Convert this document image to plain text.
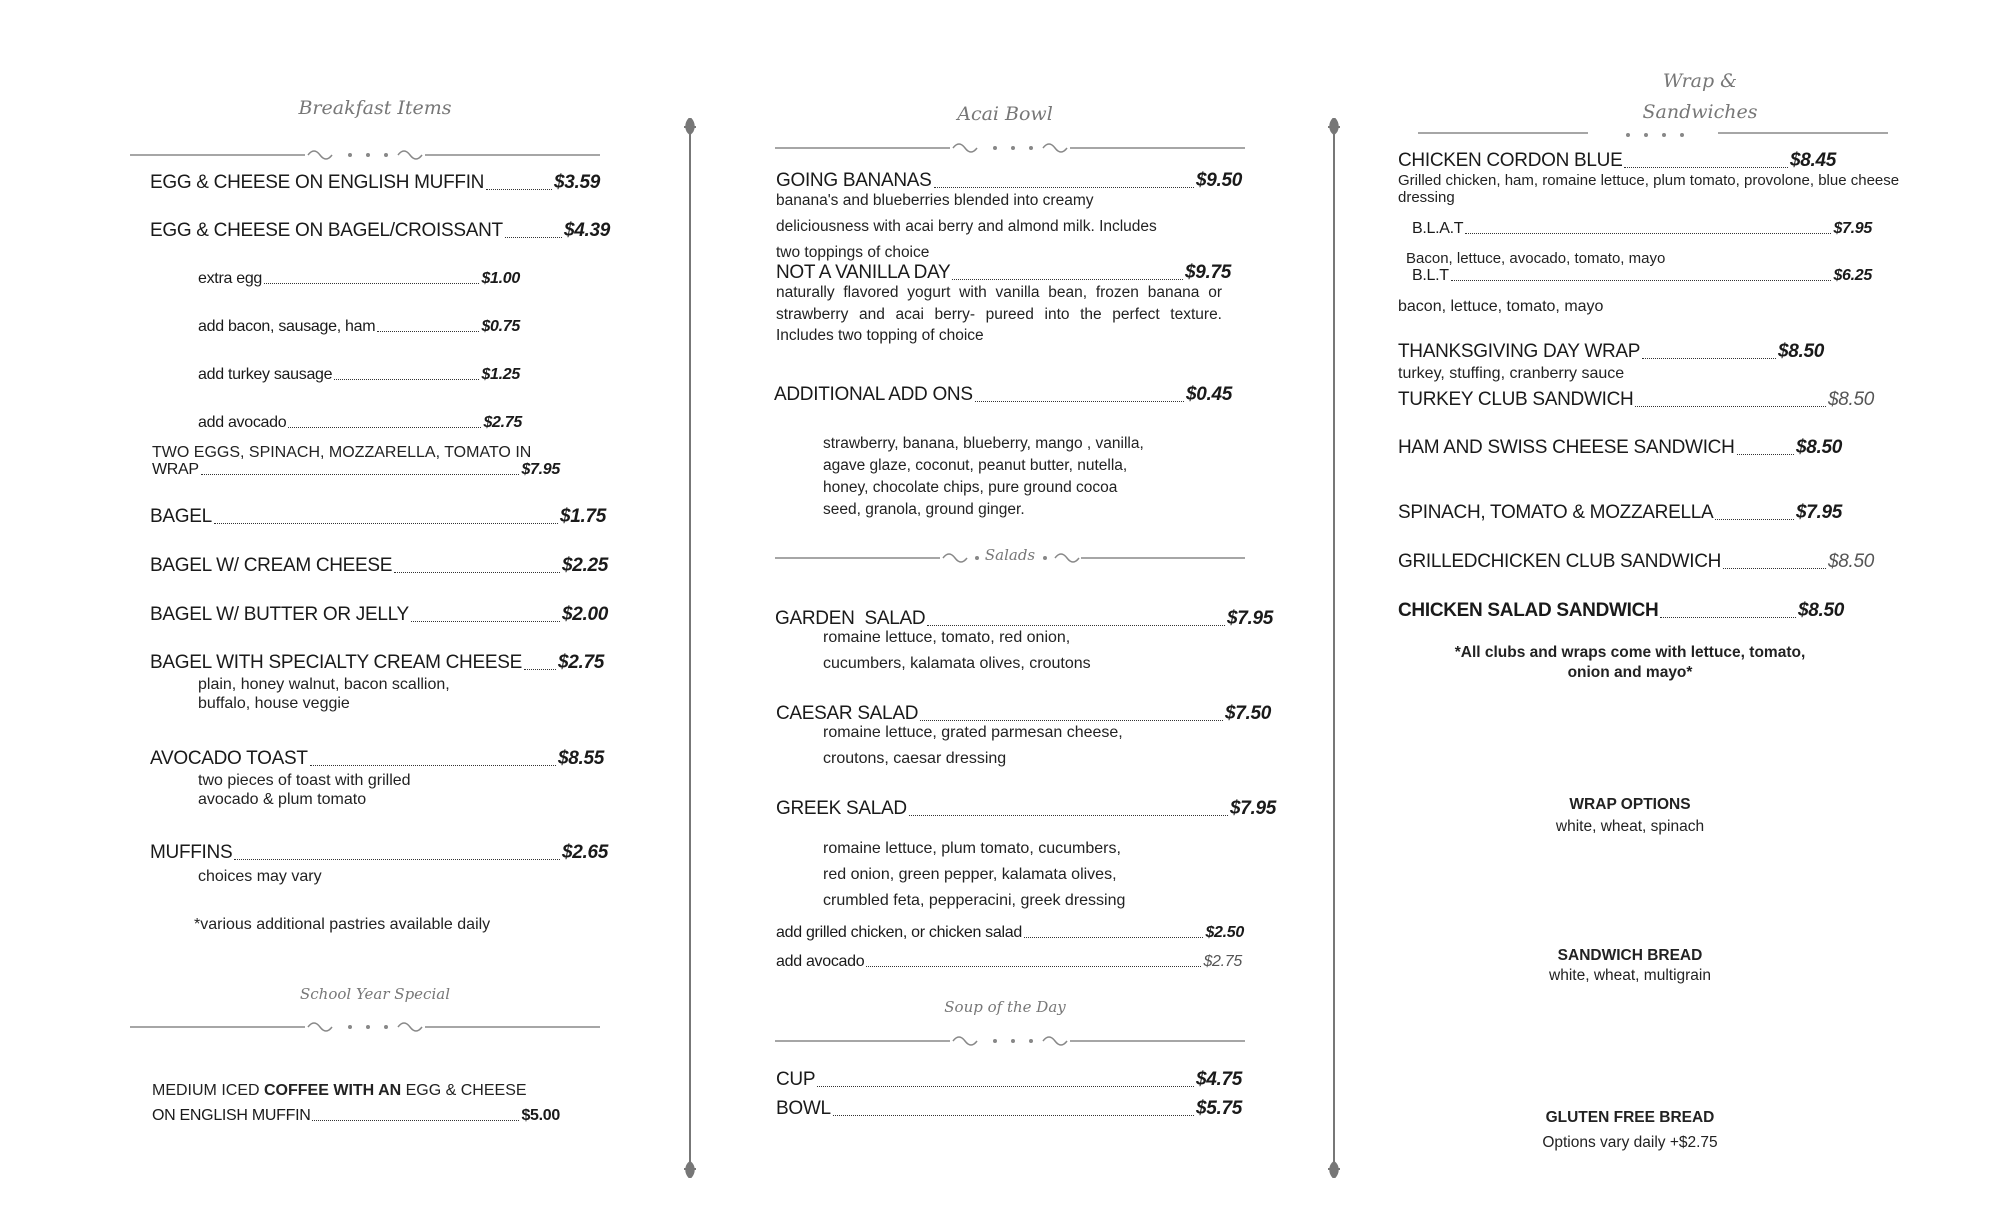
Breakfast Items
EGG & CHEESE ON ENGLISH MUFFIN	$3.59
EGG & CHEESE ON BAGEL/CROISSANT	$4.39
extra egg	$1.00
add bacon, sausage, ham	$0.75
add turkey sausage	$1.25
add avocado	$2.75
TWO EGGS, SPINACH, MOZZARELLA, TOMATO IN
WRAP	$7.95
BAGEL	$1.75
BAGEL W/ CREAM CHEESE	$2.25
BAGEL W/ BUTTER OR JELLY	$2.00
BAGEL WITH SPECIALTY CREAM CHEESE $2.75
plain, honey walnut, bacon scallion,
buffalo, house veggie
AVOCADO TOAST	$8.55
two pieces of toast with grilled
avocado & plum tomato
MUFFINS	$2.65
choices may vary
*various additional pastries available daily
School Year Special
MEDIUM ICED COFFEE WITH AN EGG & CHEESE
ON ENGLISH MUFFIN	$5.00
Acai Bowl
GOING BANANAS	$9.50
banana's and blueberries blended into creamy
deliciousness with acai berry and almond milk. Includes
two toppings of choice
NOT A VANILLA DAY	$9.75
naturally flavored yogurt with vanilla bean, frozen banana or strawberry and acai berry- pureed into the perfect texture. Includes two topping of choice
ADDITIONAL ADD ONS	$0.45
strawberry, banana, blueberry, mango , vanilla,
agave glaze, coconut, peanut butter, nutella,
honey, chocolate chips, pure ground cocoa
seed, granola, ground ginger.
Salads
GARDEN  SALAD	$7.95
romaine lettuce, tomato, red onion,
cucumbers, kalamata olives, croutons
CAESAR SALAD	$7.50
romaine lettuce, grated parmesan cheese,
croutons, caesar dressing
GREEK SALAD	$7.95
romaine lettuce, plum tomato, cucumbers,
red onion, green pepper, kalamata olives,
crumbled feta, pepperacini, greek dressing
add grilled chicken, or chicken salad	$2.50
add avocado	$2.75
Soup of the Day
CUP	$4.75
BOWL	$5.75
Wrap &
Sandwiches
CHICKEN CORDON BLUE	$8.45
Grilled chicken, ham, romaine lettuce, plum tomato, provolone, blue cheese
dressing
B.L.A.T	$7.95
Bacon, lettuce, avocado, tomato, mayo
B.L.T	$6.25
bacon, lettuce, tomato, mayo
THANKSGIVING DAY WRAP	$8.50
turkey, stuffing, cranberry sauce
TURKEY CLUB SANDWICH	$8.50
HAM AND SWISS CHEESE SANDWICH	$8.50
SPINACH, TOMATO & MOZZARELLA	$7.95
GRILLEDCHICKEN CLUB SANDWICH	$8.50
CHICKEN SALAD SANDWICH	$8.50
*All clubs and wraps come with lettuce, tomato,
onion and mayo*
WRAP OPTIONS
white, wheat, spinach
SANDWICH BREAD
white, wheat, multigrain
GLUTEN FREE BREAD
Options vary daily +$2.75
